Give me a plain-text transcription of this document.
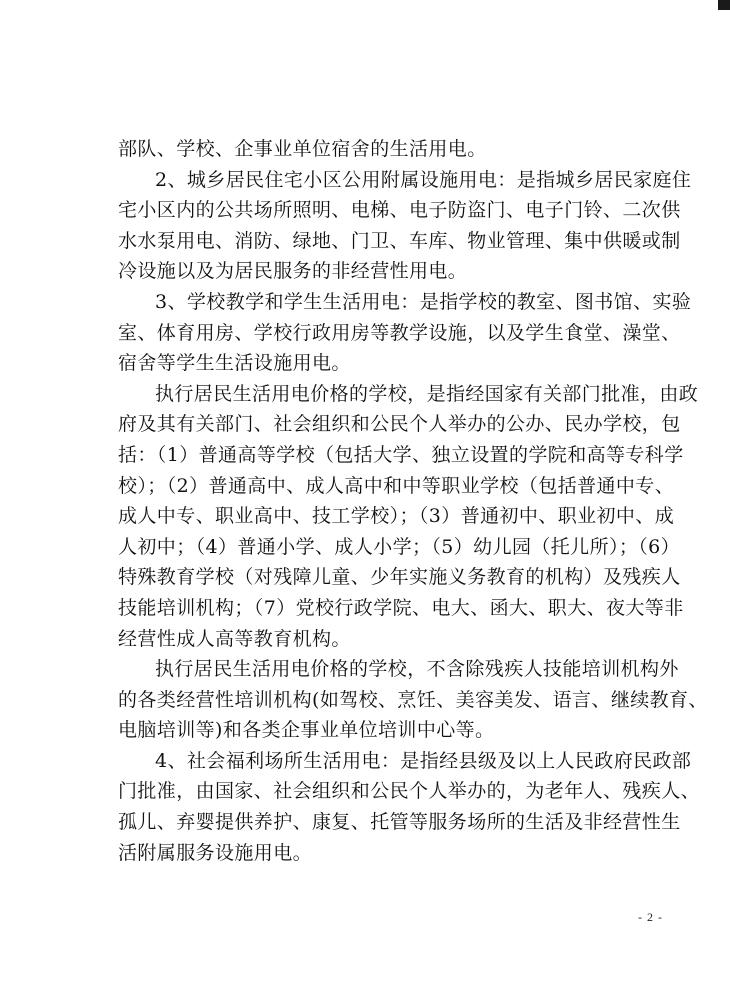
部队、学校、企事业单位宿舍的生活用电。
2、城乡居民住宅小区公用附属设施用电：是指城乡居民家庭住
宅小区内的公共场所照明、电梯、电子防盗门、电子门铃、二次供
水水泵用电、消防、绿地、门卫、车库、物业管理、集中供暖或制
冷设施以及为居民服务的非经营性用电。
3、学校教学和学生生活用电：是指学校的教室、图书馆、实验
室、体育用房、学校行政用房等教学设施，以及学生食堂、澡堂、
宿舍等学生生活设施用电。
执行居民生活用电价格的学校，是指经国家有关部门批准，由政
府及其有关部门、社会组织和公民个人举办的公办、民办学校，包
括：（1）普通高等学校（包括大学、独立设置的学院和高等专科学
校）；（2）普通高中、成人高中和中等职业学校（包括普通中专、
成人中专、职业高中、技工学校）；（3）普通初中、职业初中、成
人初中；（4）普通小学、成人小学；（5）幼儿园（托儿所）；（6）
特殊教育学校（对残障儿童、少年实施义务教育的机构）及残疾人
技能培训机构；（7）党校行政学院、电大、函大、职大、夜大等非
经营性成人高等教育机构。
执行居民生活用电价格的学校，不含除残疾人技能培训机构外
的各类经营性培训机构(如驾校、烹饪、美容美发、语言、继续教育、
电脑培训等)和各类企事业单位培训中心等。
4、社会福利场所生活用电：是指经县级及以上人民政府民政部
门批准，由国家、社会组织和公民个人举办的，为老年人、残疾人、
孤儿、弃婴提供养护、康复、托管等服务场所的生活及非经营性生
活附属服务设施用电。
- 2 -
